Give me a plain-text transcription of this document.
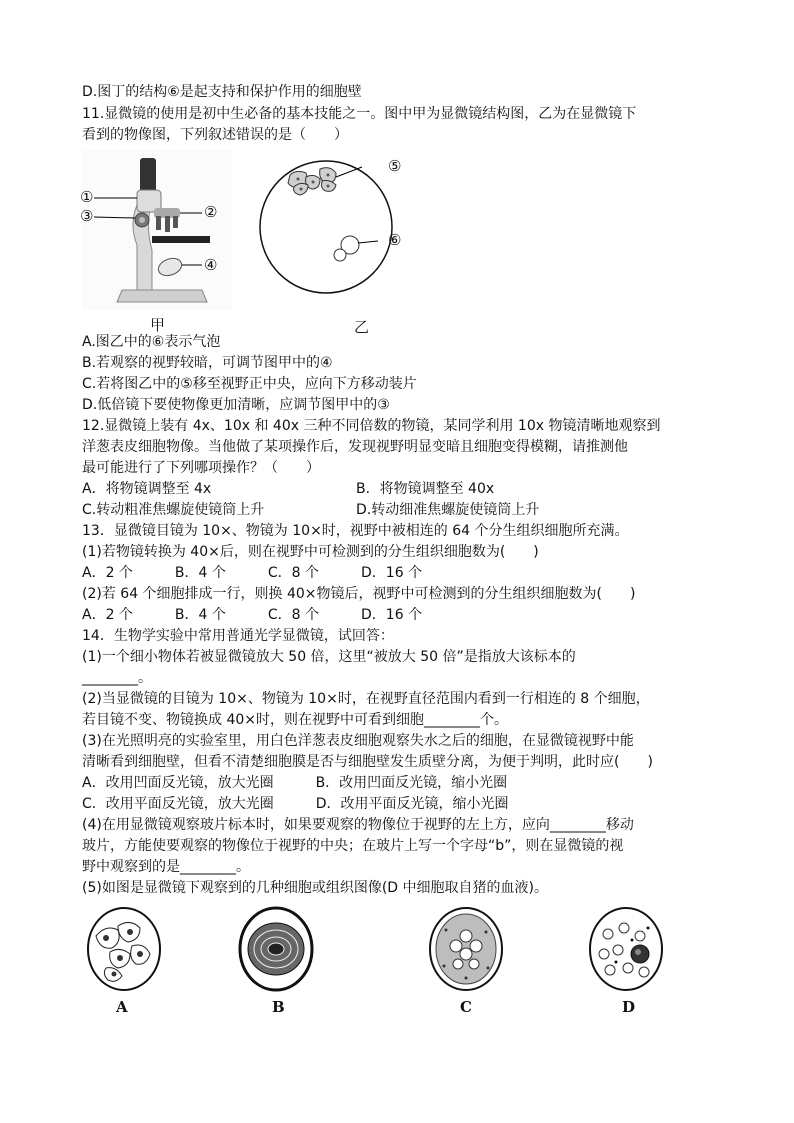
D.图丁的结构⑥是起支持和保护作用的细胞壁
11.显微镜的使用是初中生必备的基本技能之一。图中甲为显微镜结构图，乙为在显微镜下
看到的物像图，下列叙述错误的是（　　）
①
③	②
④
⑤
⑥
甲	乙
A.图乙中的⑥表示气泡
B.若观察的视野较暗，可调节图甲中的④
C.若将图乙中的⑤移至视野正中央，应向下方移动装片
D.低倍镜下要使物像更加清晰，应调节图甲中的③
12.显微镜上装有 4x、10x 和 40x 三种不同倍数的物镜，某同学利用 10x 物镜清晰地观察到
洋葱表皮细胞物像。当他做了某项操作后，发现视野明显变暗且细胞变得模糊，请推测他
最可能进行了下列哪项操作？（　　）
A．将物镜调整至 4x	B．将物镜调整至 40x
C.转动粗准焦螺旋使镜筒上升	D.转动细准焦螺旋使镜筒上升
13．显微镜目镜为 10×、物镜为 10×时，视野中被相连的 64 个分生组织细胞所充满。
(1)若物镜转换为 40×后，则在视野中可检测到的分生组织细胞数为(　　)
A．2 个　　　B．4 个　　　C．8 个　　　D．16 个
(2)若 64 个细胞排成一行，则换 40×物镜后，视野中可检测到的分生组织细胞数为(　　)
A．2 个　　　B．4 个　　　C．8 个　　　D．16 个
14．生物学实验中常用普通光学显微镜，试回答：
(1)一个细小物体若被显微镜放大 50 倍，这里“被放大 50 倍”是指放大该标本的
________。
(2)当显微镜的目镜为 10×、物镜为 10×时，在视野直径范围内看到一行相连的 8 个细胞，
若目镜不变、物镜换成 40×时，则在视野中可看到细胞________个。
(3)在光照明亮的实验室里，用白色洋葱表皮细胞观察失水之后的细胞，在显微镜视野中能
清晰看到细胞壁，但看不清楚细胞膜是否与细胞壁发生质壁分离，为便于判明，此时应(　　)
A．改用凹面反光镜，放大光圈　　　B．改用凹面反光镜，缩小光圈
C．改用平面反光镜，放大光圈　　　D．改用平面反光镜，缩小光圈
(4)在用显微镜观察玻片标本时，如果要观察的物像位于视野的左上方，应向________移动
玻片，方能使要观察的物像位于视野的中央；在玻片上写一个字母“b”，则在显微镜的视
野中观察到的是________。
(5)如图是显微镜下观察到的几种细胞或组织图像(D 中细胞取自猪的血液)。
A	B	C	D
